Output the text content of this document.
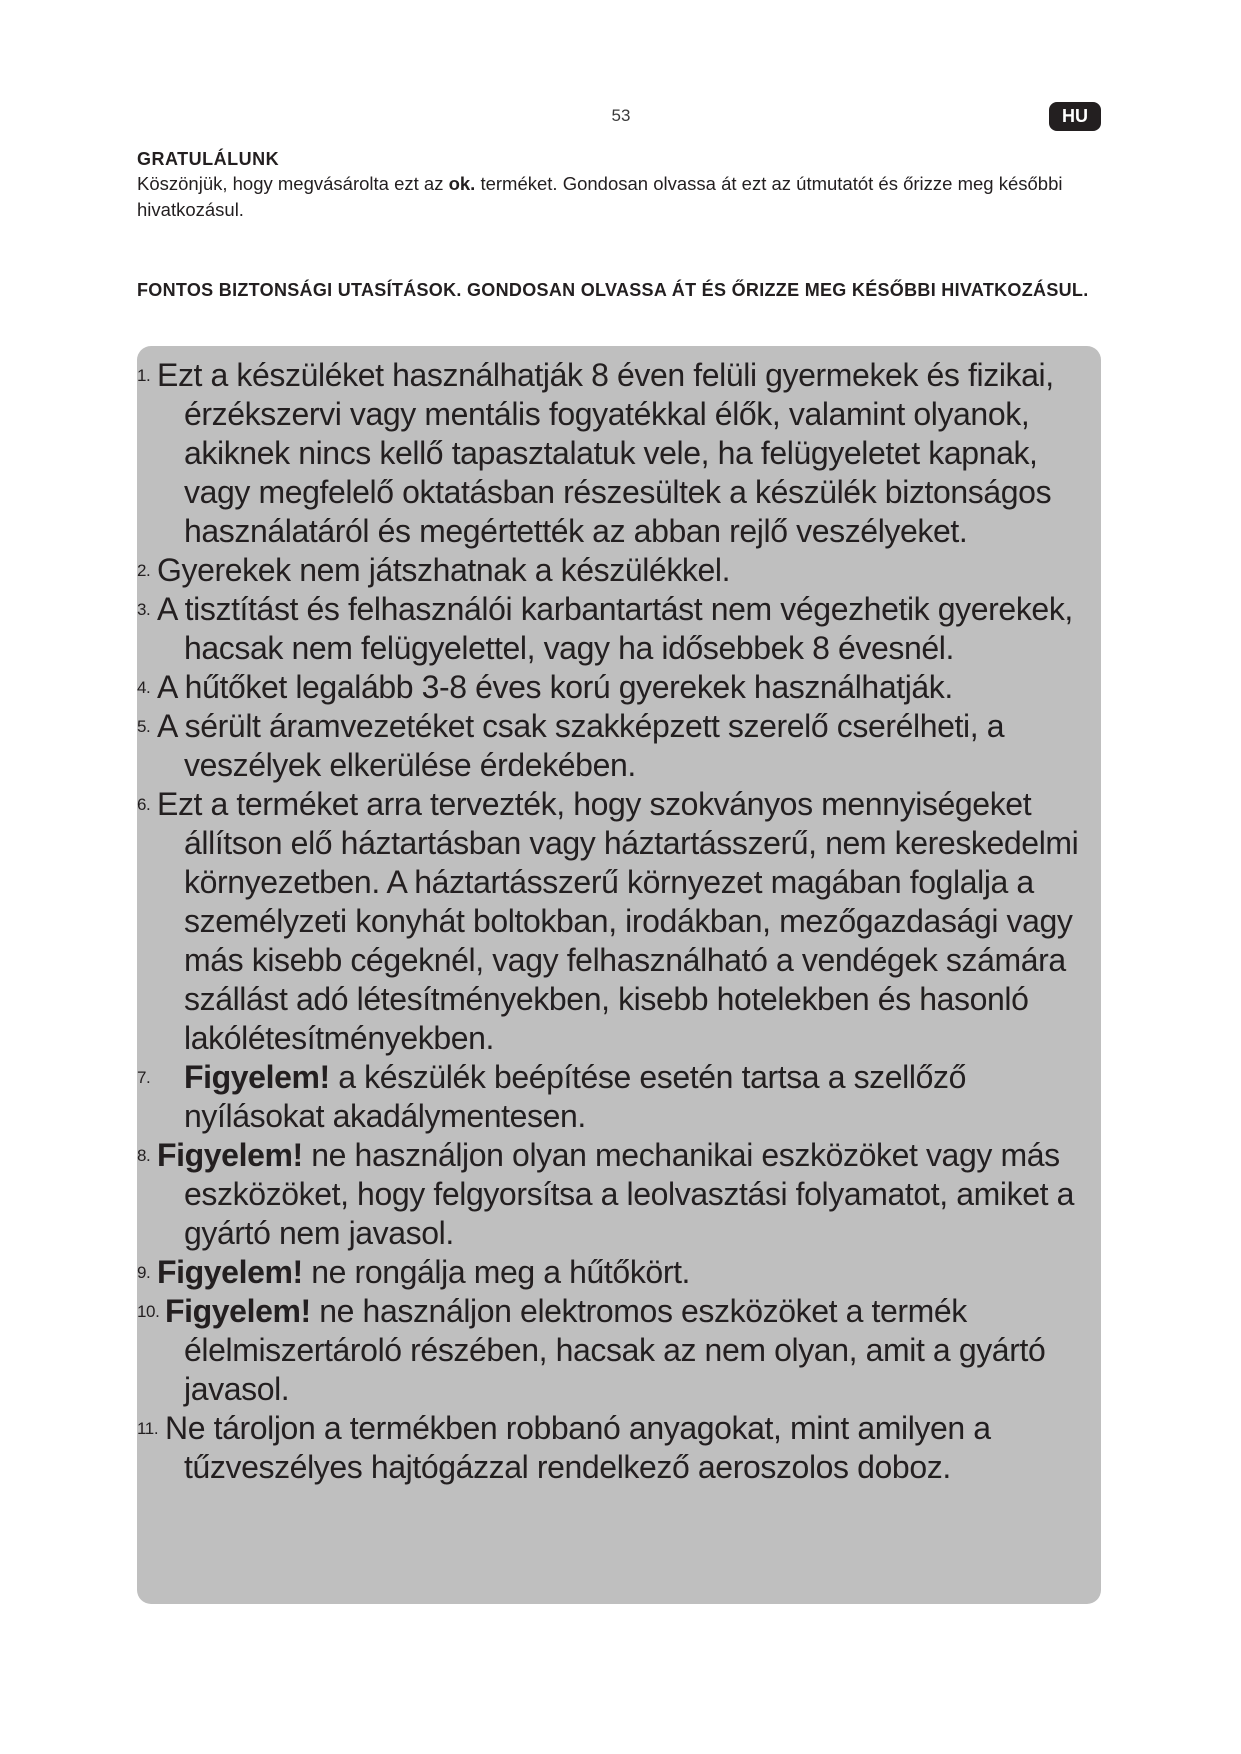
53	HU
GRATULÁLUNK
Köszönjük, hogy megvásárolta ezt az ok. terméket. Gondosan olvassa át ezt az útmutatót és őrizze meg későbbi hivatkozásul.
FONTOS BIZTONSÁGI UTASÍTÁSOK. GONDOSAN OLVASSA ÁT ÉS ŐRIZZE MEG KÉSŐBBI HIVATKOZÁSUL.
1. Ezt a készüléket használhatják 8 éven felüli gyermekek és fizikai, érzékszervi vagy mentális fogyatékkal élők, valamint olyanok, akiknek nincs kellő tapasztalatuk vele, ha felügyeletet kapnak, vagy megfelelő oktatásban részesültek a készülék biztonságos használatáról és megértették az abban rejlő veszélyeket.
2. Gyerekek nem játszhatnak a készülékkel.
3. A tisztítást és felhasználói karbantartást nem végezhetik gyerekek, hacsak nem felügyelettel, vagy ha idősebbek 8 évesnél.
4. A hűtőket legalább 3-8 éves korú gyerekek használhatják.
5. A sérült áramvezetéket csak szakképzett szerelő cserélheti, a veszélyek elkerülése érdekében.
6. Ezt a terméket arra tervezték, hogy szokványos mennyiségeket állítson elő háztartásban vagy háztartásszerű, nem kereskedelmi környezetben. A háztartásszerű környezet magában foglalja a személyzeti konyhát boltokban, irodákban, mezőgazdasági vagy más kisebb cégeknél, vagy felhasználható a vendégek számára szállást adó létesítményekben, kisebb hotelekben és hasonló lakólétesítményekben.
7.	Figyelem! a készülék beépítése esetén tartsa a szellőző nyílásokat akadálymentesen.
8. Figyelem! ne használjon olyan mechanikai eszközöket vagy más eszközöket, hogy felgyorsítsa a leolvasztási folyamatot, amiket a gyártó nem javasol.
9. Figyelem! ne rongálja meg a hűtőkört.
10. Figyelem! ne használjon elektromos eszközöket a termék élelmiszertároló részében, hacsak az nem olyan, amit a gyártó javasol.
11. Ne tároljon a termékben robbanó anyagokat, mint amilyen a tűzveszélyes hajtógázzal rendelkező aeroszolos doboz.
